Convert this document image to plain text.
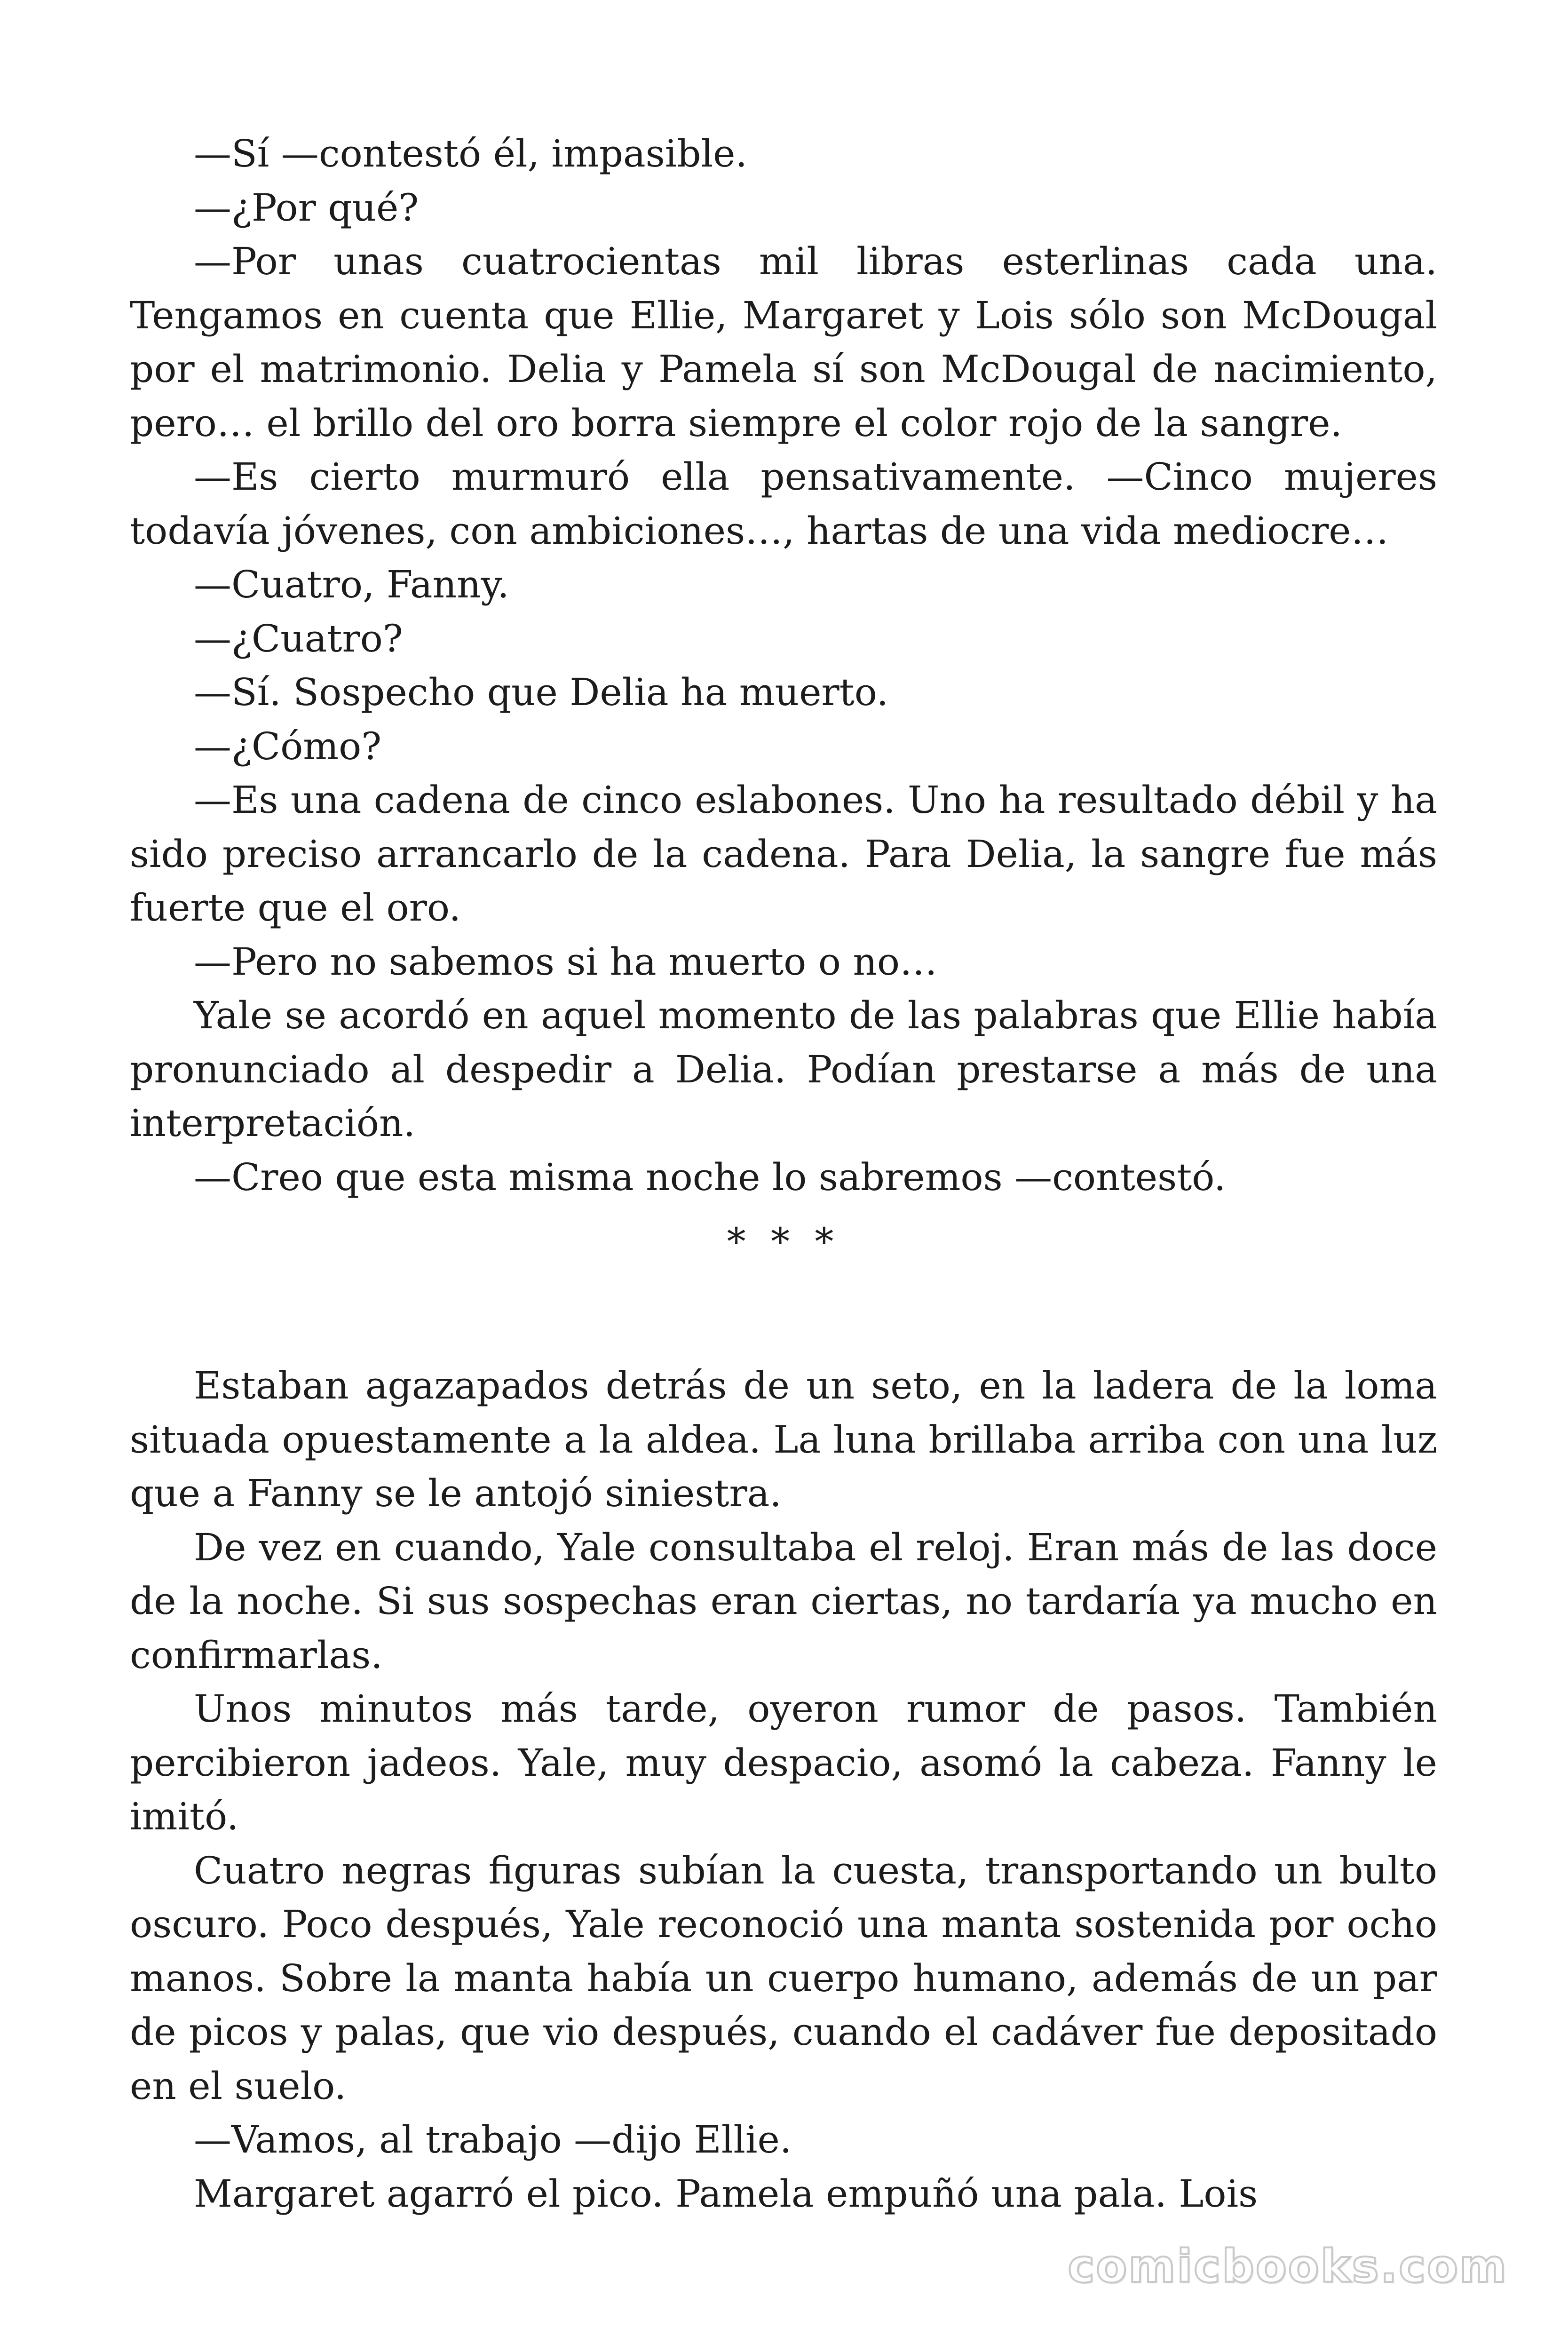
—Sí —contestó él, impasible.

—¿Por qué?

—Por unas cuatrocientas mil libras esterlinas cada una. Tengamos en cuenta que Ellie, Margaret y Lois sólo son McDougal por el matrimonio. Delia y Pamela sí son McDougal de nacimiento, pero… el brillo del oro borra siempre el color rojo de la sangre.

—Es cierto murmuró ella pensativamente. —Cinco mujeres todavía jóvenes, con ambiciones…, hartas de una vida mediocre…

—Cuatro, Fanny.

—¿Cuatro?

—Sí. Sospecho que Delia ha muerto.

—¿Cómo?

—Es una cadena de cinco eslabones. Uno ha resultado débil y ha sido preciso arrancarlo de la cadena. Para Delia, la sangre fue más fuerte que el oro.

—Pero no sabemos si ha muerto o no…

Yale se acordó en aquel momento de las palabras que Ellie había pronunciado al despedir a Delia. Podían prestarse a más de una interpretación.

—Creo que esta misma noche lo sabremos —contestó.

* * *

Estaban agazapados detrás de un seto, en la ladera de la loma situada opuestamente a la aldea. La luna brillaba arriba con una luz que a Fanny se le antojó siniestra.

De vez en cuando, Yale consultaba el reloj. Eran más de las doce de la noche. Si sus sospechas eran ciertas, no tardaría ya mucho en confirmarlas.

Unos minutos más tarde, oyeron rumor de pasos. También percibieron jadeos. Yale, muy despacio, asomó la cabeza. Fanny le imitó.

Cuatro negras figuras subían la cuesta, transportando un bulto oscuro. Poco después, Yale reconoció una manta sostenida por ocho manos. Sobre la manta había un cuerpo humano, además de un par de picos y palas, que vio después, cuando el cadáver fue depositado en el suelo.

—Vamos, al trabajo —dijo Ellie.

Margaret agarró el pico. Pamela empuñó una pala. Lois

comicbooks.com
